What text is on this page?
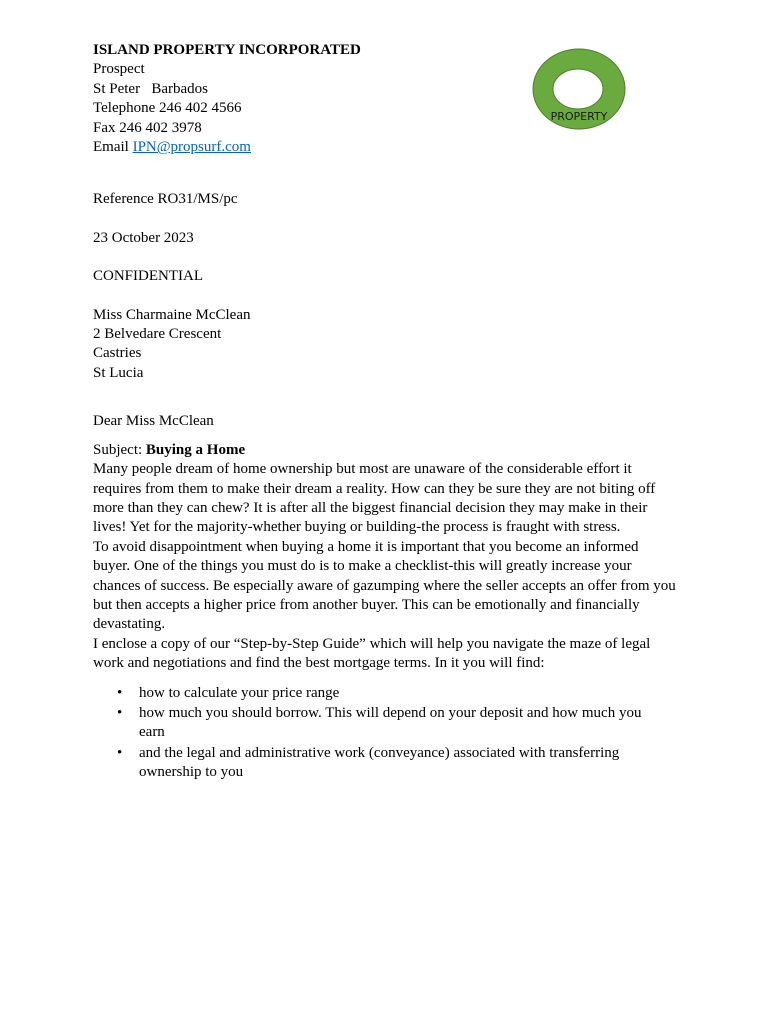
PROPERTY
ISLAND PROPERTY INCORPORATED
Prospect
St Peter   Barbados
Telephone 246 402 4566
Fax 246 402 3978
Email IPN@propsurf.com
Reference RO31/MS/pc
23 October 2023
CONFIDENTIAL
Miss Charmaine McClean
2 Belvedare Crescent
Castries
St Lucia
Dear Miss McClean
Subject: Buying a Home

Many people dream of home ownership but most are unaware of the considerable effort it requires from them to make their dream a reality. How can they be sure they are not biting off more than they can chew? It is after all the biggest financial decision they may make in their lives! Yet for the majority-whether buying or building-the process is fraught with stress.

To avoid disappointment when buying a home it is important that you become an informed buyer. One of the things you must do is to make a checklist-this will greatly increase your chances of success. Be especially aware of gazumping where the seller accepts an offer from you but then accepts a higher price from another buyer. This can be emotionally and financially devastating.

I enclose a copy of our “Step-by-Step Guide” which will help you navigate the maze of legal work and negotiations and find the best mortgage terms. In it you will find:

• how to calculate your price range
• how much you should borrow. This will depend on your deposit and how much you earn
• and the legal and administrative work (conveyance) associated with transferring ownership to you
